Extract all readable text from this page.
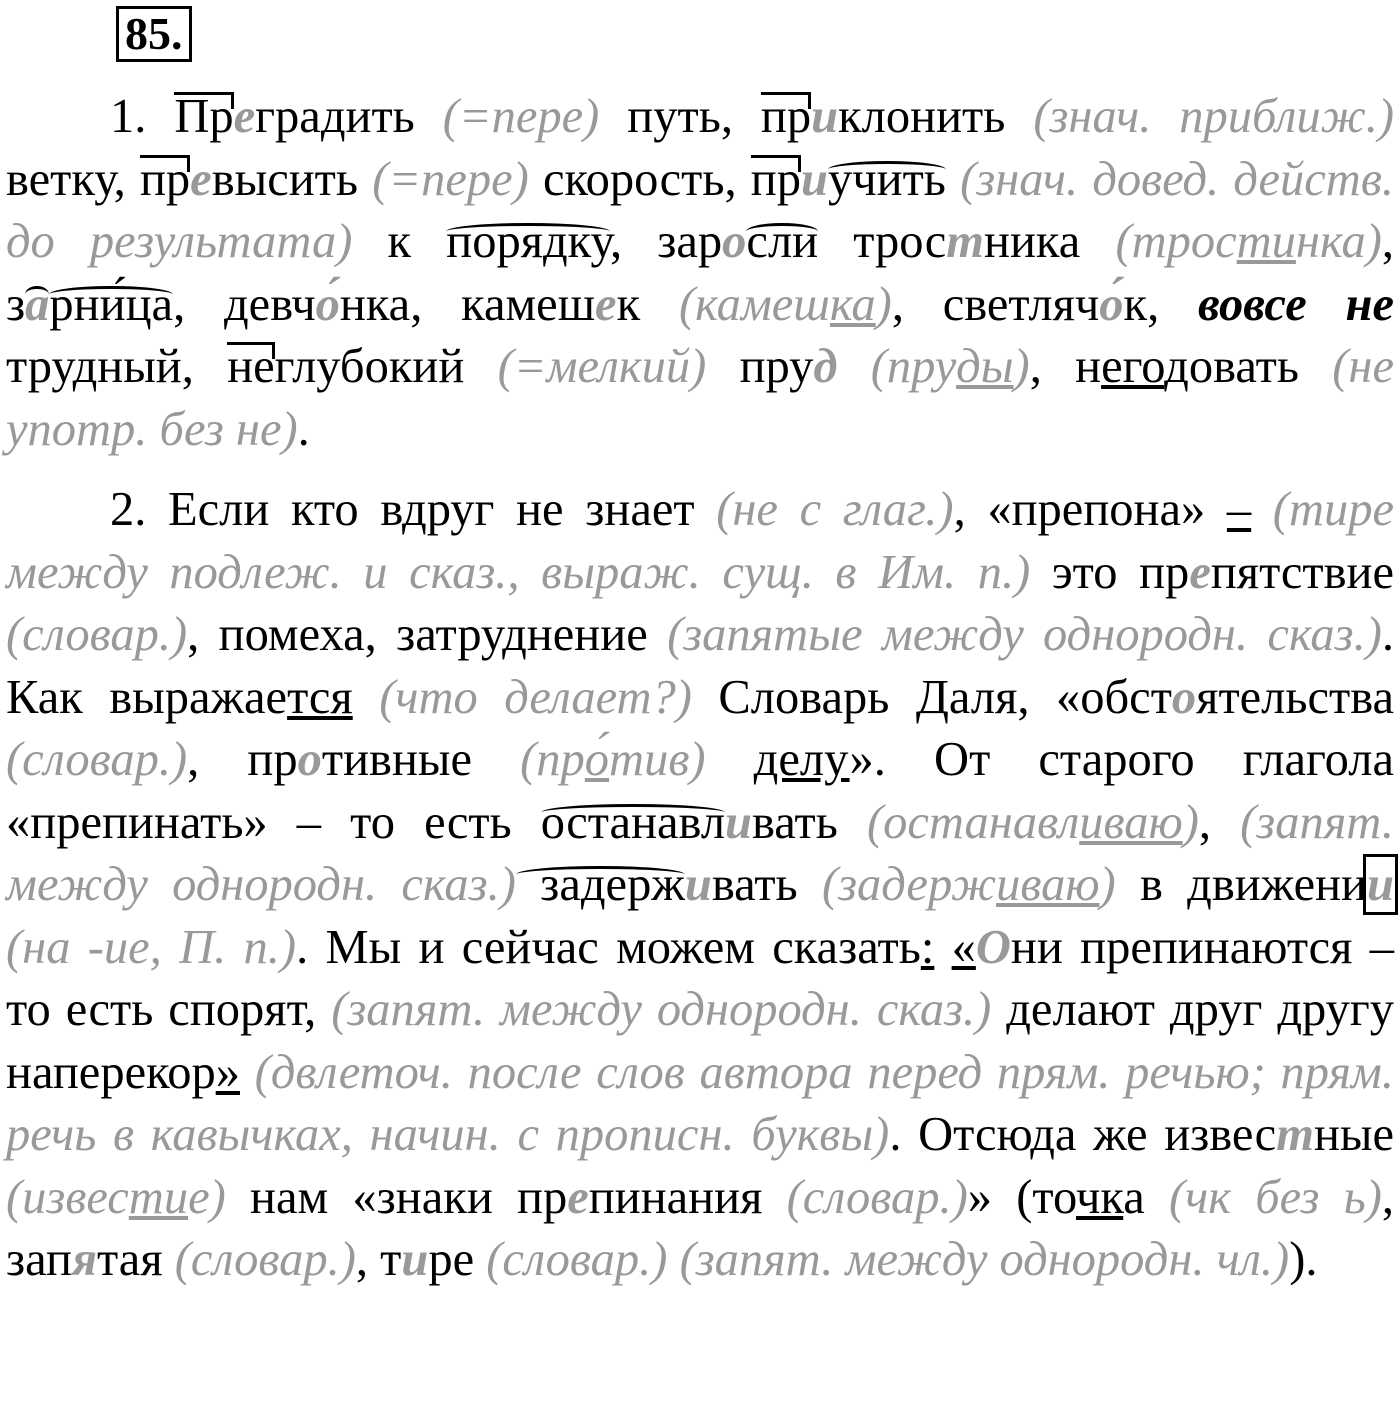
85.
1. Преградить (=пере) путь, приклонить (знач. приближ.) ветку, превысить (=пере) скорость, приучить (знач. довед. действ. до результата) к порядку, заросли тростника (тростинка), зарни́ца, девчо́нка, камешек (камешка), светлячо́к, вовсе не трудный, неглубокий (=мелкий) пруд (пруды), негодовать (не употр. без не).
2. Если кто вдруг не знает (не с глаг.), «препона» – (тире между подлеж. и сказ., выраж. сущ. в Им. п.) это препятствие (словар.), помеха, затруднение (запятые между однородн. сказ.). Как выражается (что делает?) Словарь Даля, «обстоятельства (словар.), противные (про́тив) делу». От старого глагола «препинать» – то есть останавливать (останавливаю), (запят. между однородн. сказ.) задерживать (задерживаю) в движении (на -ие, П. п.). Мы и сейчас можем сказать: «Они препинаются – то есть спорят, (запят. между однородн. сказ.) делают друг другу наперекор» (двлеточ. после слов автора перед прям. речью; прям. речь в кавычках, начин. с прописн. буквы). Отсюда же известные (известие) нам «знаки препинания (словар.)» (точка (чк без ь), запятая (словар.), тире (словар.) (запят. между однородн. чл.)).
